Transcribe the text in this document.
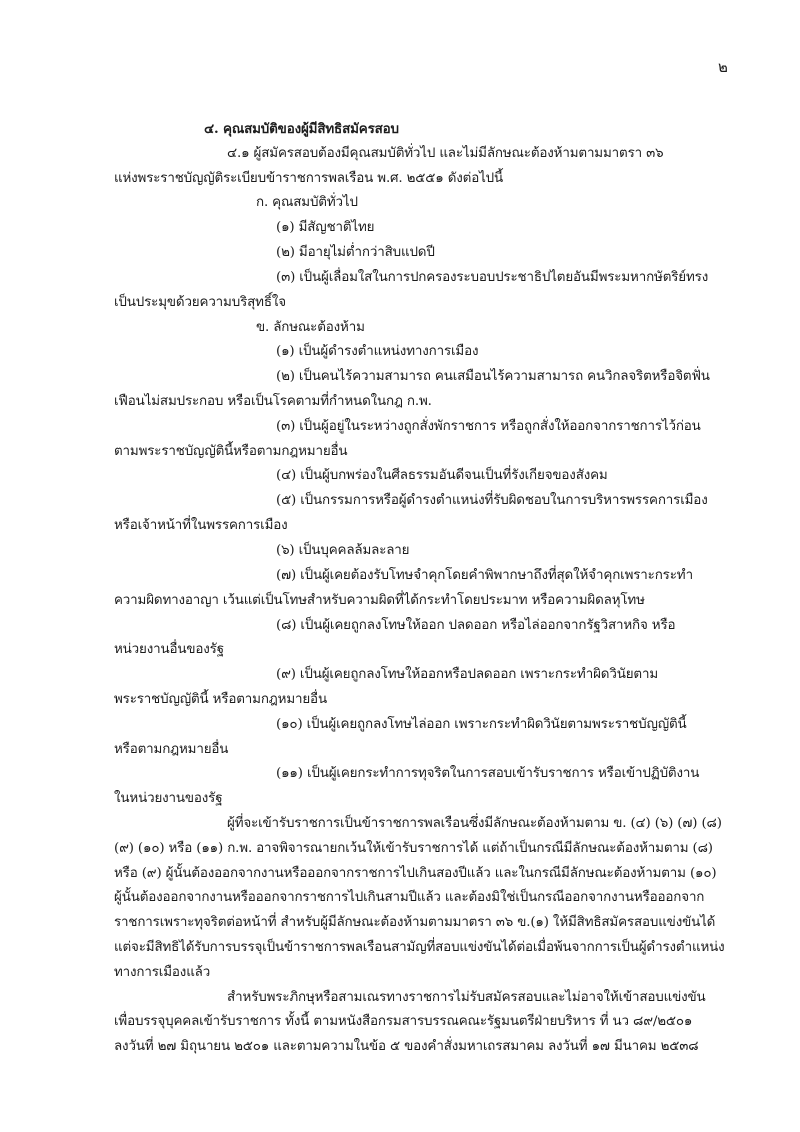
๒
๔. คุณสมบัติของผู้มีสิทธิสมัครสอบ
๔.๑ ผู้สมัครสอบต้องมีคุณสมบัติทั่วไป และไม่มีลักษณะต้องห้ามตามมาตรา ๓๖
แห่งพระราชบัญญัติระเบียบข้าราชการพลเรือน พ.ศ. ๒๕๕๑ ดังต่อไปนี้
ก. คุณสมบัติทั่วไป
(๑) มีสัญชาติไทย
(๒) มีอายุไม่ต่ำกว่าสิบแปดปี
(๓) เป็นผู้เลื่อมใสในการปกครองระบอบประชาธิปไตยอันมีพระมหากษัตริย์ทรง
เป็นประมุขด้วยความบริสุทธิ์ใจ
ข. ลักษณะต้องห้าม
(๑) เป็นผู้ดำรงตำแหน่งทางการเมือง
(๒) เป็นคนไร้ความสามารถ คนเสมือนไร้ความสามารถ คนวิกลจริตหรือจิตฟั่น
เฟือนไม่สมประกอบ หรือเป็นโรคตามที่กำหนดในกฎ ก.พ.
(๓) เป็นผู้อยู่ในระหว่างถูกสั่งพักราชการ หรือถูกสั่งให้ออกจากราชการไว้ก่อน
ตามพระราชบัญญัตินี้หรือตามกฎหมายอื่น
(๔) เป็นผู้บกพร่องในศีลธรรมอันดีจนเป็นที่รังเกียจของสังคม
(๕) เป็นกรรมการหรือผู้ดำรงตำแหน่งที่รับผิดชอบในการบริหารพรรคการเมือง
หรือเจ้าหน้าที่ในพรรคการเมือง
(๖) เป็นบุคคลล้มละลาย
(๗) เป็นผู้เคยต้องรับโทษจำคุกโดยคำพิพากษาถึงที่สุดให้จำคุกเพราะกระทำ
ความผิดทางอาญา เว้นแต่เป็นโทษสำหรับความผิดที่ได้กระทำโดยประมาท หรือความผิดลหุโทษ
(๘) เป็นผู้เคยถูกลงโทษให้ออก ปลดออก หรือไล่ออกจากรัฐวิสาหกิจ หรือ
หน่วยงานอื่นของรัฐ
(๙) เป็นผู้เคยถูกลงโทษให้ออกหรือปลดออก เพราะกระทำผิดวินัยตาม
พระราชบัญญัตินี้ หรือตามกฎหมายอื่น
(๑๐) เป็นผู้เคยถูกลงโทษไล่ออก เพราะกระทำผิดวินัยตามพระราชบัญญัตินี้
หรือตามกฎหมายอื่น
(๑๑) เป็นผู้เคยกระทำการทุจริตในการสอบเข้ารับราชการ หรือเข้าปฏิบัติงาน
ในหน่วยงานของรัฐ
ผู้ที่จะเข้ารับราชการเป็นข้าราชการพลเรือนซึ่งมีลักษณะต้องห้ามตาม ข. (๔) (๖) (๗) (๘)
(๙) (๑๐) หรือ (๑๑) ก.พ. อาจพิจารณายกเว้นให้เข้ารับราชการได้ แต่ถ้าเป็นกรณีมีลักษณะต้องห้ามตาม (๘)
หรือ (๙) ผู้นั้นต้องออกจากงานหรือออกจากราชการไปเกินสองปีแล้ว และในกรณีมีลักษณะต้องห้ามตาม (๑๐)
ผู้นั้นต้องออกจากงานหรือออกจากราชการไปเกินสามปีแล้ว และต้องมิใช่เป็นกรณีออกจากงานหรือออกจาก
ราชการเพราะทุจริตต่อหน้าที่ สำหรับผู้มีลักษณะต้องห้ามตามมาตรา ๓๖ ข.(๑) ให้มีสิทธิสมัครสอบแข่งขันได้
แต่จะมีสิทธิได้รับการบรรจุเป็นข้าราชการพลเรือนสามัญที่สอบแข่งขันได้ต่อเมื่อพ้นจากการเป็นผู้ดำรงตำแหน่ง
ทางการเมืองแล้ว
สำหรับพระภิกษุหรือสามเณรทางราชการไม่รับสมัครสอบและไม่อาจให้เข้าสอบแข่งขัน
เพื่อบรรจุบุคคลเข้ารับราชการ ทั้งนี้ ตามหนังสือกรมสารบรรณคณะรัฐมนตรีฝ่ายบริหาร ที่ นว ๘๙/๒๕๐๑
ลงวันที่ ๒๗ มิถุนายน ๒๕๐๑ และตามความในข้อ ๕ ของคำสั่งมหาเถรสมาคม ลงวันที่ ๑๗ มีนาคม ๒๕๓๘
